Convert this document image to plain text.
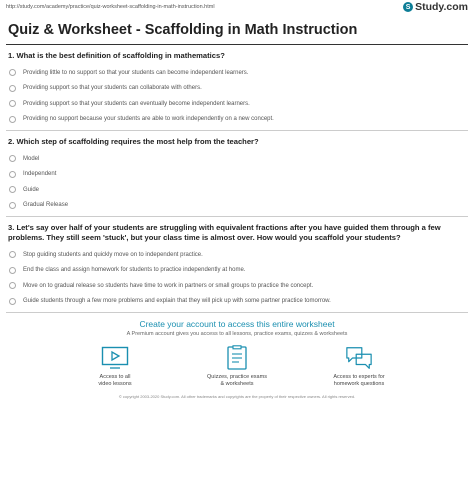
http://study.com/academy/practice/quiz-worksheet-scaffolding-in-math-instruction.html	S Study.com
Quiz & Worksheet - Scaffolding in Math Instruction
1. What is the best definition of scaffolding in mathematics?
Providing little to no support so that your students can become independent learners.
Providing support so that your students can collaborate with others.
Providing support so that your students can eventually become independent learners.
Providing no support because your students are able to work independently on a new concept.
2. Which step of scaffolding requires the most help from the teacher?
Model
Independent
Guide
Gradual Release
3. Let's say over half of your students are struggling with equivalent fractions after you have guided them through a few problems. They still seem 'stuck', but your class time is almost over. How would you scaffold your students?
Stop guiding students and quickly move on to independent practice.
End the class and assign homework for students to practice independently at home.
Move on to gradual release so students have time to work in partners or small groups to practice the concept.
Guide students through a few more problems and explain that they will pick up with some partner practice tomorrow.
Create your account to access this entire worksheet
A Premium account gives you access to all lessons, practice exams, quizzes & worksheets
Access to all
video lessons
Quizzes, practice exams
& worksheets
Access to experts for
homework questions
© copyright 2003-2020 Study.com. All other trademarks and copyrights are the property of their respective owners. All rights reserved.
